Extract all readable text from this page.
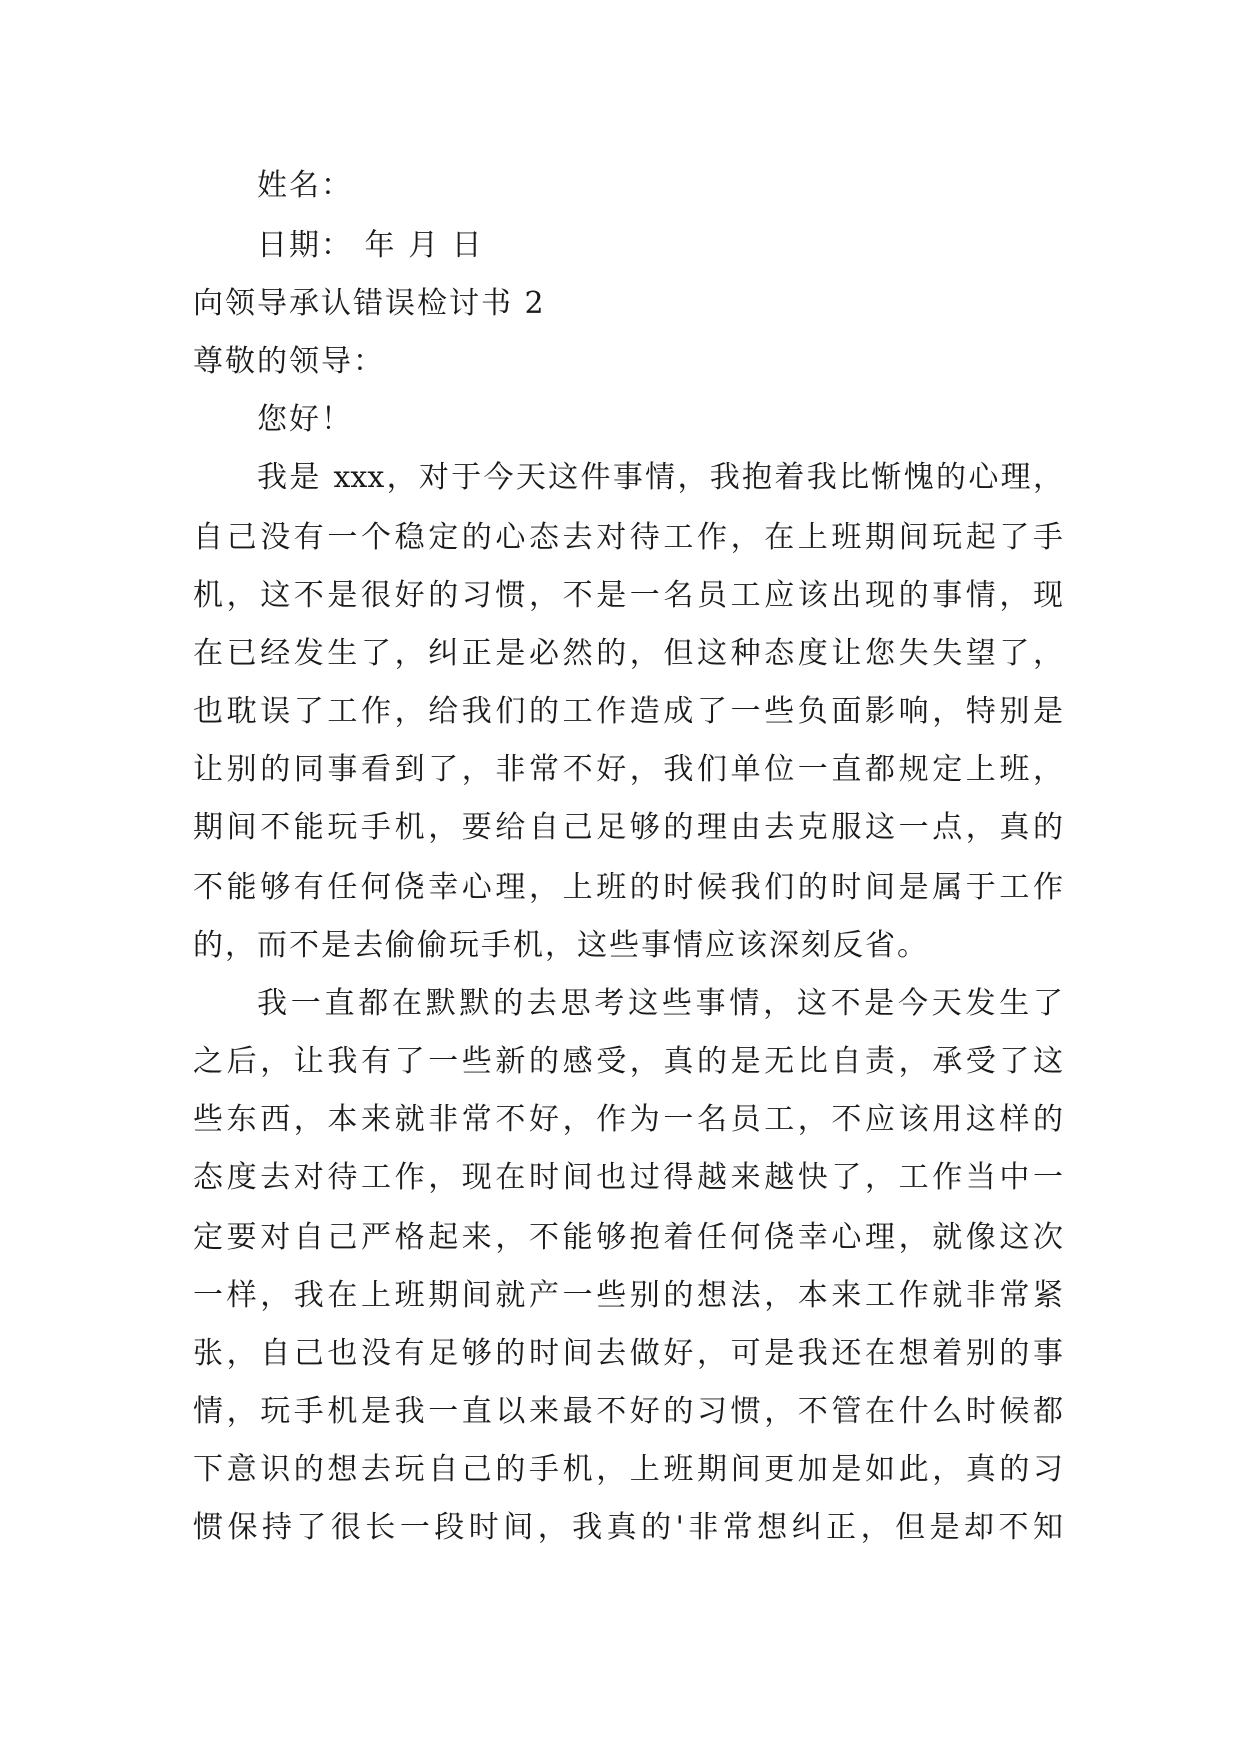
姓名：
日期： 年 月 日
向领导承认错误检讨书 2
尊敬的领导：
您好！
我是 xxx，对于今天这件事情，我抱着我比惭愧的心理，
自己没有一个稳定的心态去对待工作，在上班期间玩起了手
机，这不是很好的习惯，不是一名员工应该出现的事情，现
在已经发生了，纠正是必然的，但这种态度让您失失望了，
也耽误了工作，给我们的工作造成了一些负面影响，特别是
让别的同事看到了，非常不好，我们单位一直都规定上班，
期间不能玩手机，要给自己足够的理由去克服这一点，真的
不能够有任何侥幸心理，上班的时候我们的时间是属于工作
的，而不是去偷偷玩手机，这些事情应该深刻反省。
我一直都在默默的去思考这些事情，这不是今天发生了
之后，让我有了一些新的感受，真的是无比自责，承受了这
些东西，本来就非常不好，作为一名员工，不应该用这样的
态度去对待工作，现在时间也过得越来越快了，工作当中一
定要对自己严格起来，不能够抱着任何侥幸心理，就像这次
一样，我在上班期间就产一些别的想法，本来工作就非常紧
张，自己也没有足够的时间去做好，可是我还在想着别的事
情，玩手机是我一直以来最不好的习惯，不管在什么时候都
下意识的想去玩自己的手机，上班期间更加是如此，真的习
惯保持了很长一段时间，我真的'非常想纠正，但是却不知
